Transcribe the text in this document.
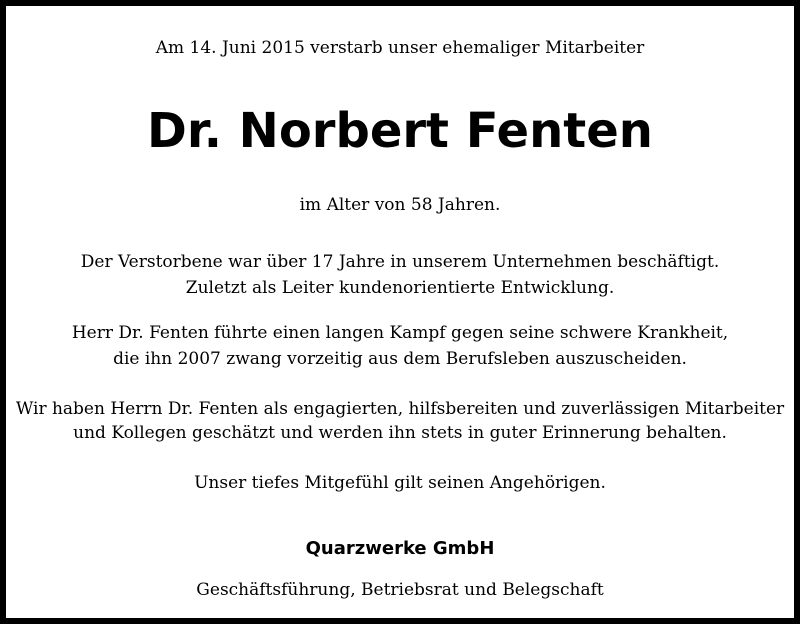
Am 14. Juni 2015 verstarb unser ehemaliger Mitarbeiter
Dr. Norbert Fenten
im Alter von 58 Jahren.
Der Verstorbene war über 17 Jahre in unserem Unternehmen beschäftigt.
Zuletzt als Leiter kundenorientierte Entwicklung.
Herr Dr. Fenten führte einen langen Kampf gegen seine schwere Krankheit,
die ihn 2007 zwang vorzeitig aus dem Berufsleben auszuscheiden.
Wir haben Herrn Dr. Fenten als engagierten, hilfsbereiten und zuverlässigen Mitarbeiter
und Kollegen geschätzt und werden ihn stets in guter Erinnerung behalten.
Unser tiefes Mitgefühl gilt seinen Angehörigen.
Quarzwerke GmbH
Geschäftsführung, Betriebsrat und Belegschaft
